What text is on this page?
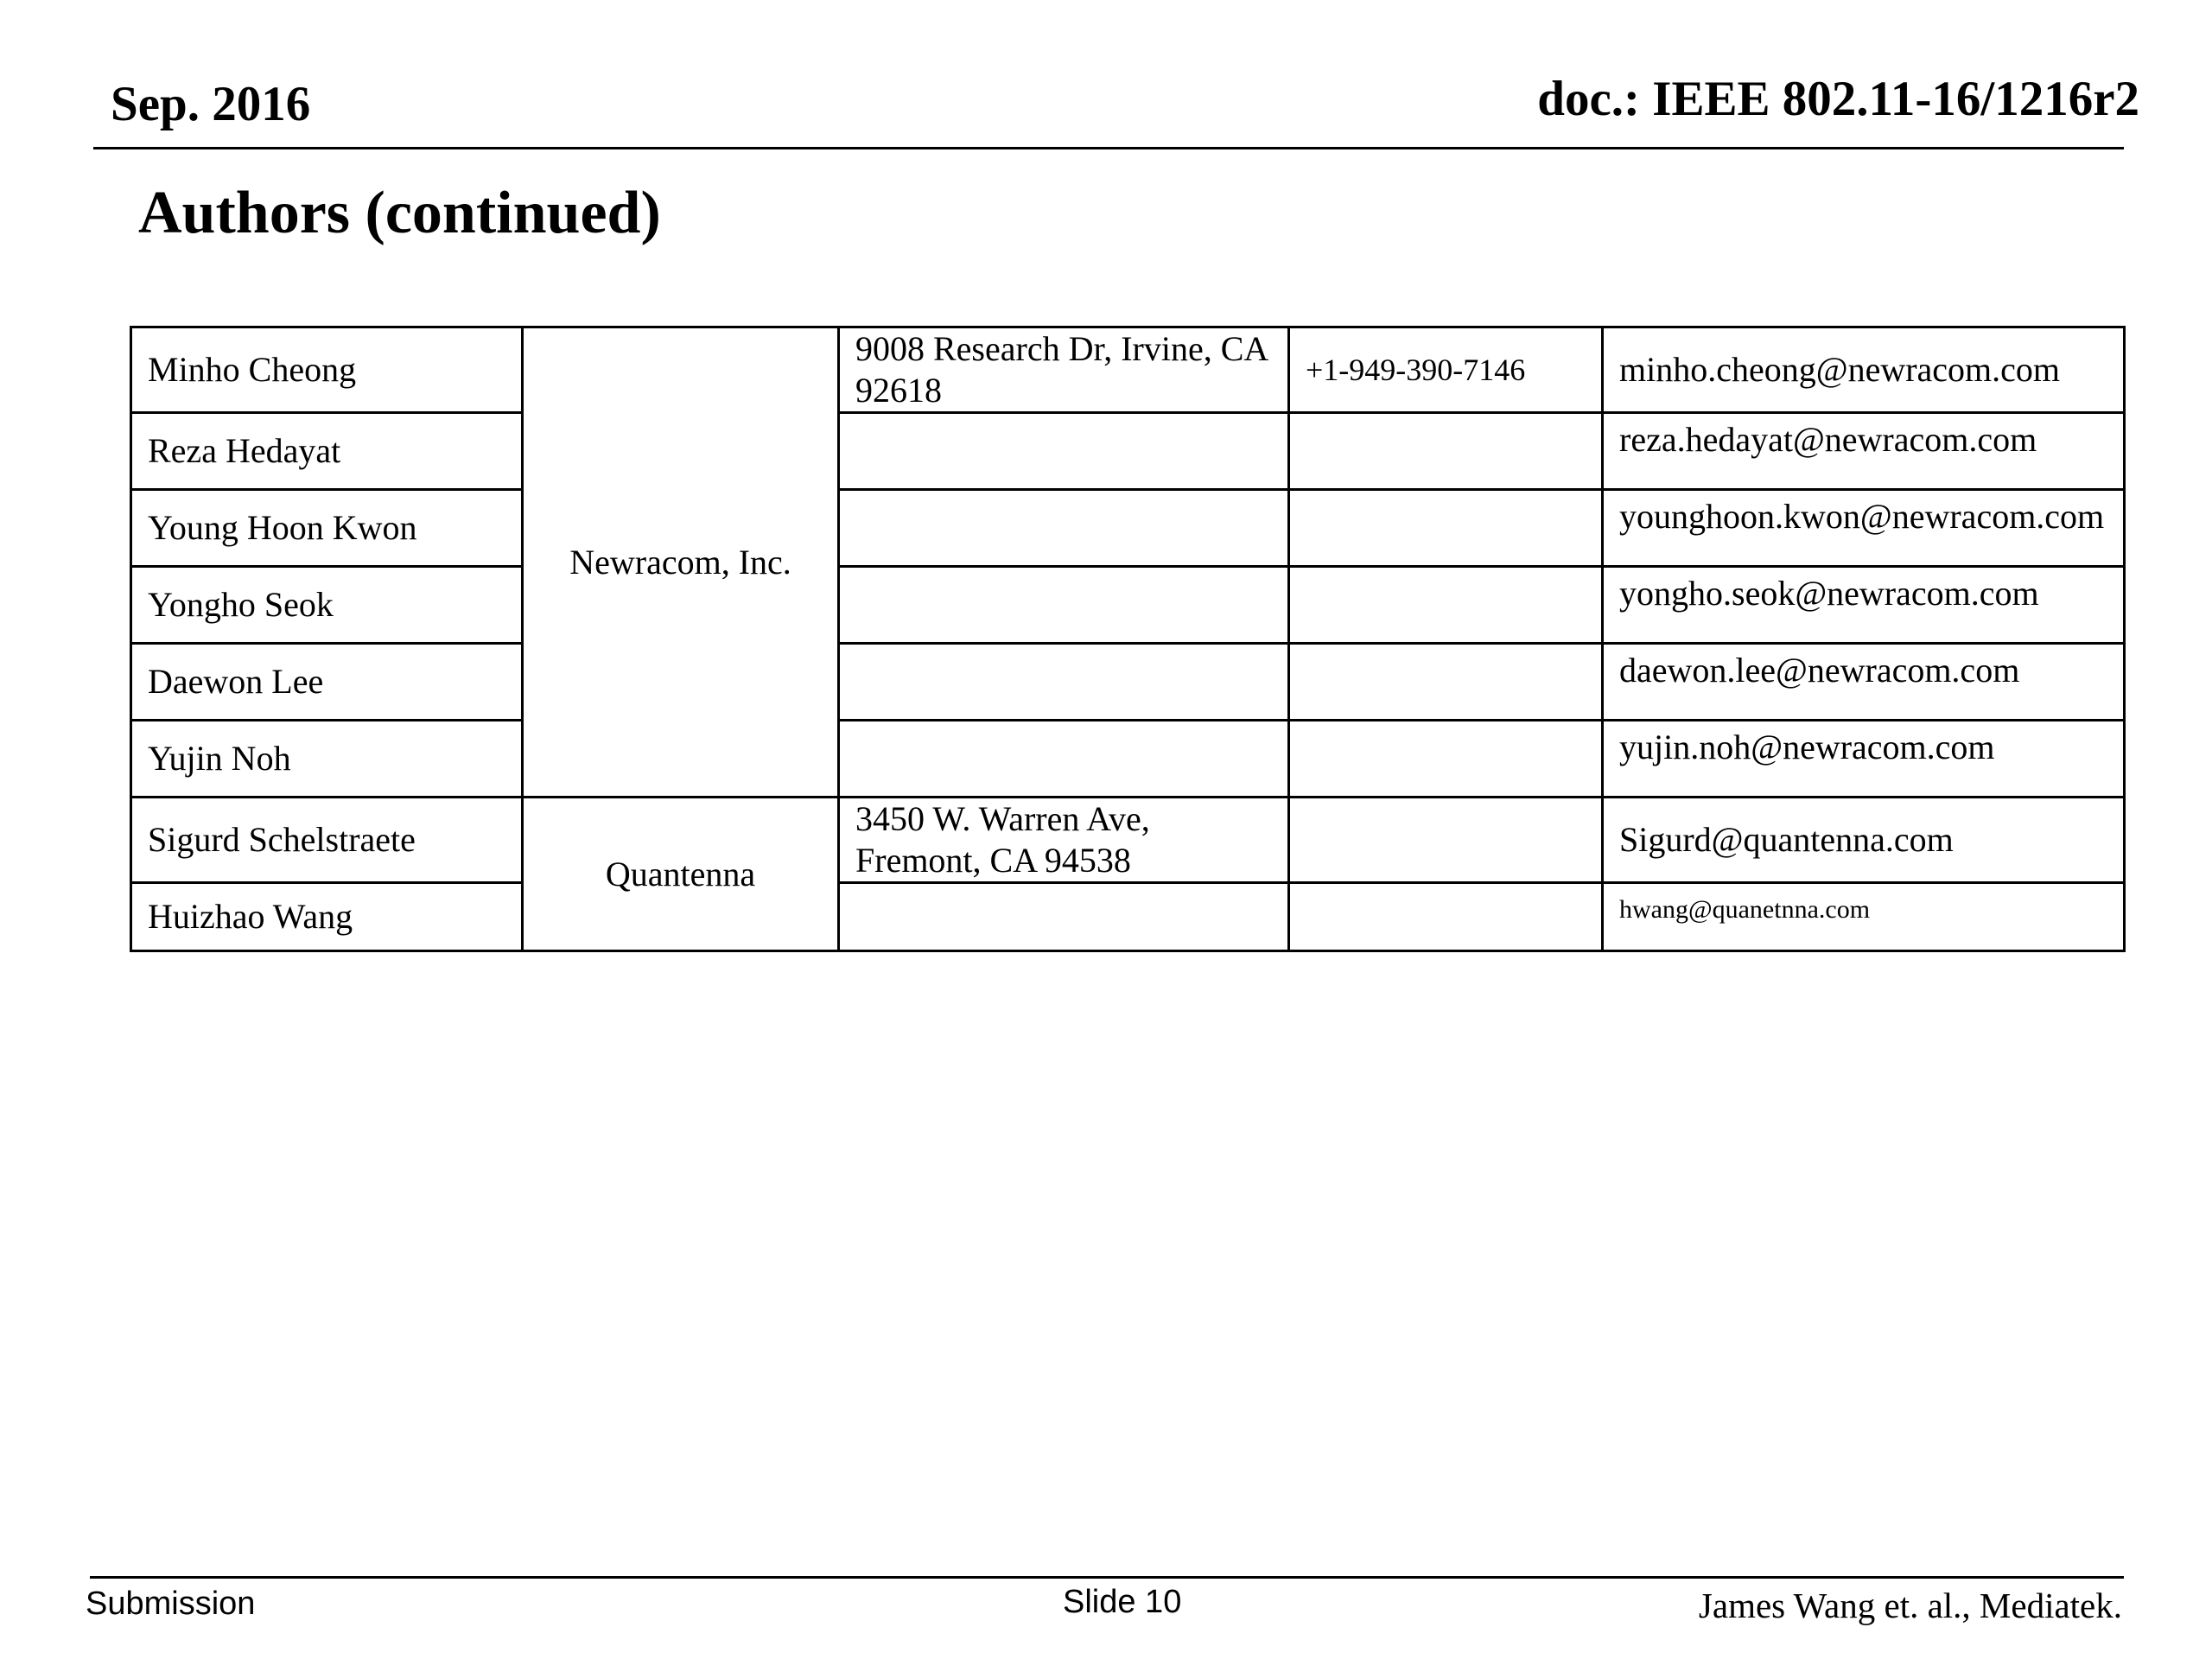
Sep. 2016	doc.: IEEE 802.11-16/1216r2
Authors (continued)
Minho Cheong	Newracom, Inc.	9008 Research Dr, Irvine, CA 92618	+1-949-390-7146	minho.cheong@newracom.com
Reza Hedayat				reza.hedayat@newracom.com
Young Hoon Kwon				younghoon.kwon@newracom.com
Yongho Seok				yongho.seok@newracom.com
Daewon Lee				daewon.lee@newracom.com
Yujin Noh				yujin.noh@newracom.com
Sigurd Schelstraete	Quantenna	3450 W. Warren Ave, Fremont, CA 94538		Sigurd@quantenna.com
Huizhao Wang				hwang@quanetnna.com
Submission	Slide 10	James Wang et. al., Mediatek.
